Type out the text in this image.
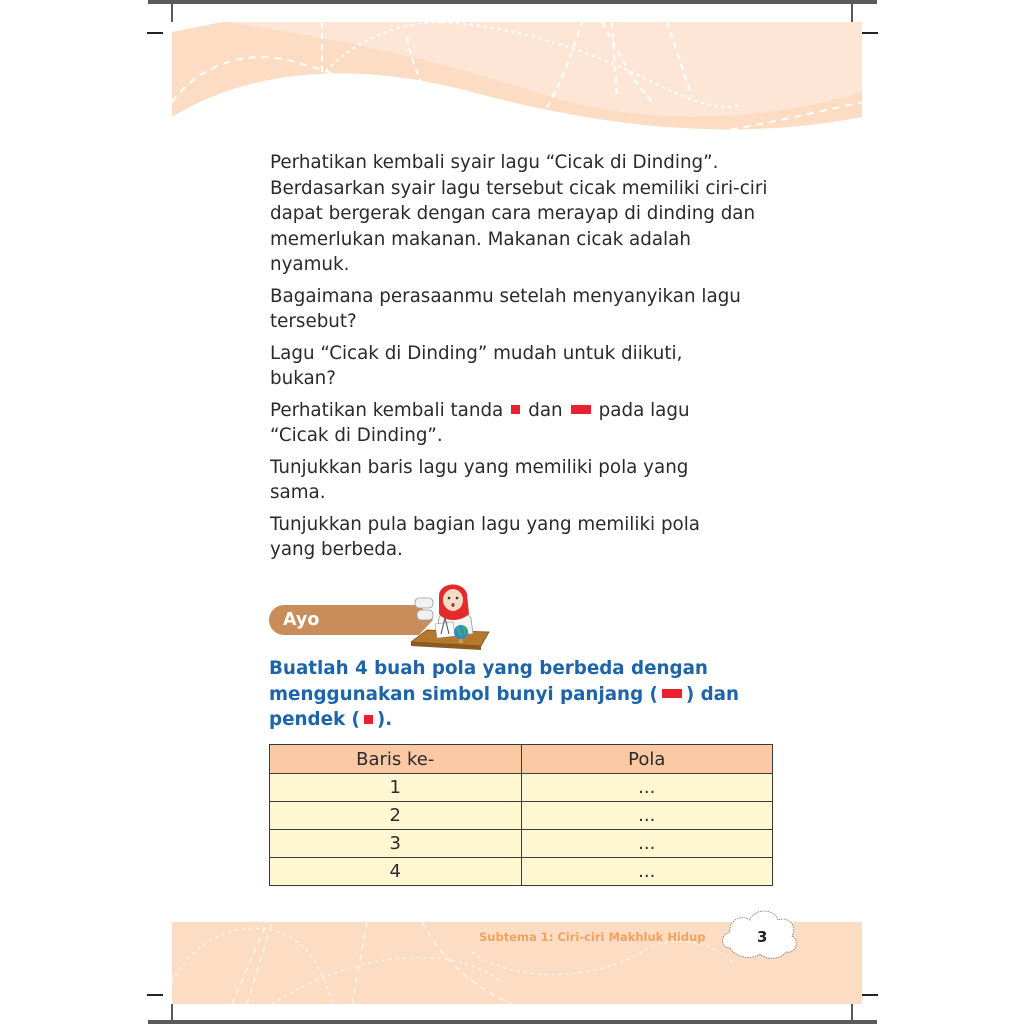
Perhatikan kembali syair lagu “Cicak di Dinding”. Berdasarkan syair lagu tersebut cicak memiliki ciri-ciri dapat bergerak dengan cara merayap di dinding dan memerlukan makanan. Makanan cicak adalah nyamuk.

Bagaimana perasaanmu setelah menyanyikan lagu tersebut?

Lagu “Cicak di Dinding” mudah untuk diikuti, bukan?

Perhatikan kembali tanda dan pada lagu “Cicak di Dinding”.

Tunjukkan baris lagu yang memiliki pola yang sama.

Tunjukkan pula bagian lagu yang memiliki pola yang berbeda.

Ayo Berlatih
Buatlah 4 buah pola yang berbeda dengan menggunakan simbol bunyi panjang ( ) dan pendek ( ).
Baris ke-	Pola
1	...
2	...
3	...
4	...
Subtema 1: Ciri-ciri Makhluk Hidup	3
